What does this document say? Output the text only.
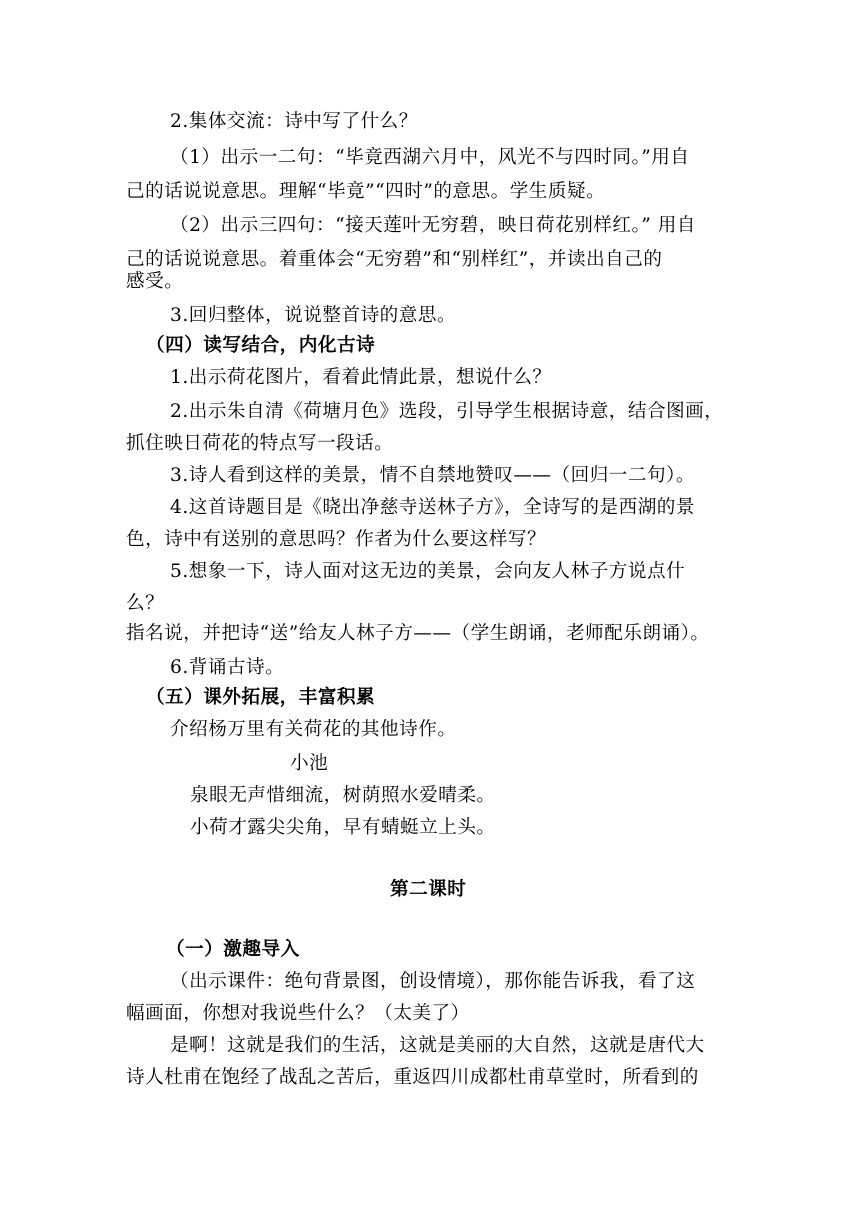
2.集体交流：诗中写了什么？
（1）出示一二句：“毕竟西湖六月中，风光不与四时同。”用自
己的话说说意思。理解“毕竟”“四时”的意思。学生质疑。
（2）出示三四句：“接天莲叶无穷碧，映日荷花别样红。” 用自
己的话说说意思。着重体会“无穷碧”和“别样红”，并读出自己的
感受。
3.回归整体，说说整首诗的意思。
（四）读写结合，内化古诗
1.出示荷花图片，看着此情此景，想说什么？
2.出示朱自清《荷塘月色》选段，引导学生根据诗意，结合图画，
抓住映日荷花的特点写一段话。
3.诗人看到这样的美景，情不自禁地赞叹——（回归一二句）。
4.这首诗题目是《晓出净慈寺送林子方》，全诗写的是西湖的景
色，诗中有送别的意思吗？作者为什么要这样写？
5.想象一下，诗人面对这无边的美景，会向友人林子方说点什
么？
指名说，并把诗“送”给友人林子方——（学生朗诵，老师配乐朗诵）。
6.背诵古诗。
（五）课外拓展，丰富积累
介绍杨万里有关荷花的其他诗作。
小池
泉眼无声惜细流，树荫照水爱晴柔。
小荷才露尖尖角，早有蜻蜓立上头。
第二课时
（一）激趣导入
（出示课件：绝句背景图，创设情境），那你能告诉我，看了这
幅画面，你想对我说些什么？（太美了）
是啊！这就是我们的生活，这就是美丽的大自然，这就是唐代大
诗人杜甫在饱经了战乱之苦后，重返四川成都杜甫草堂时，所看到的
